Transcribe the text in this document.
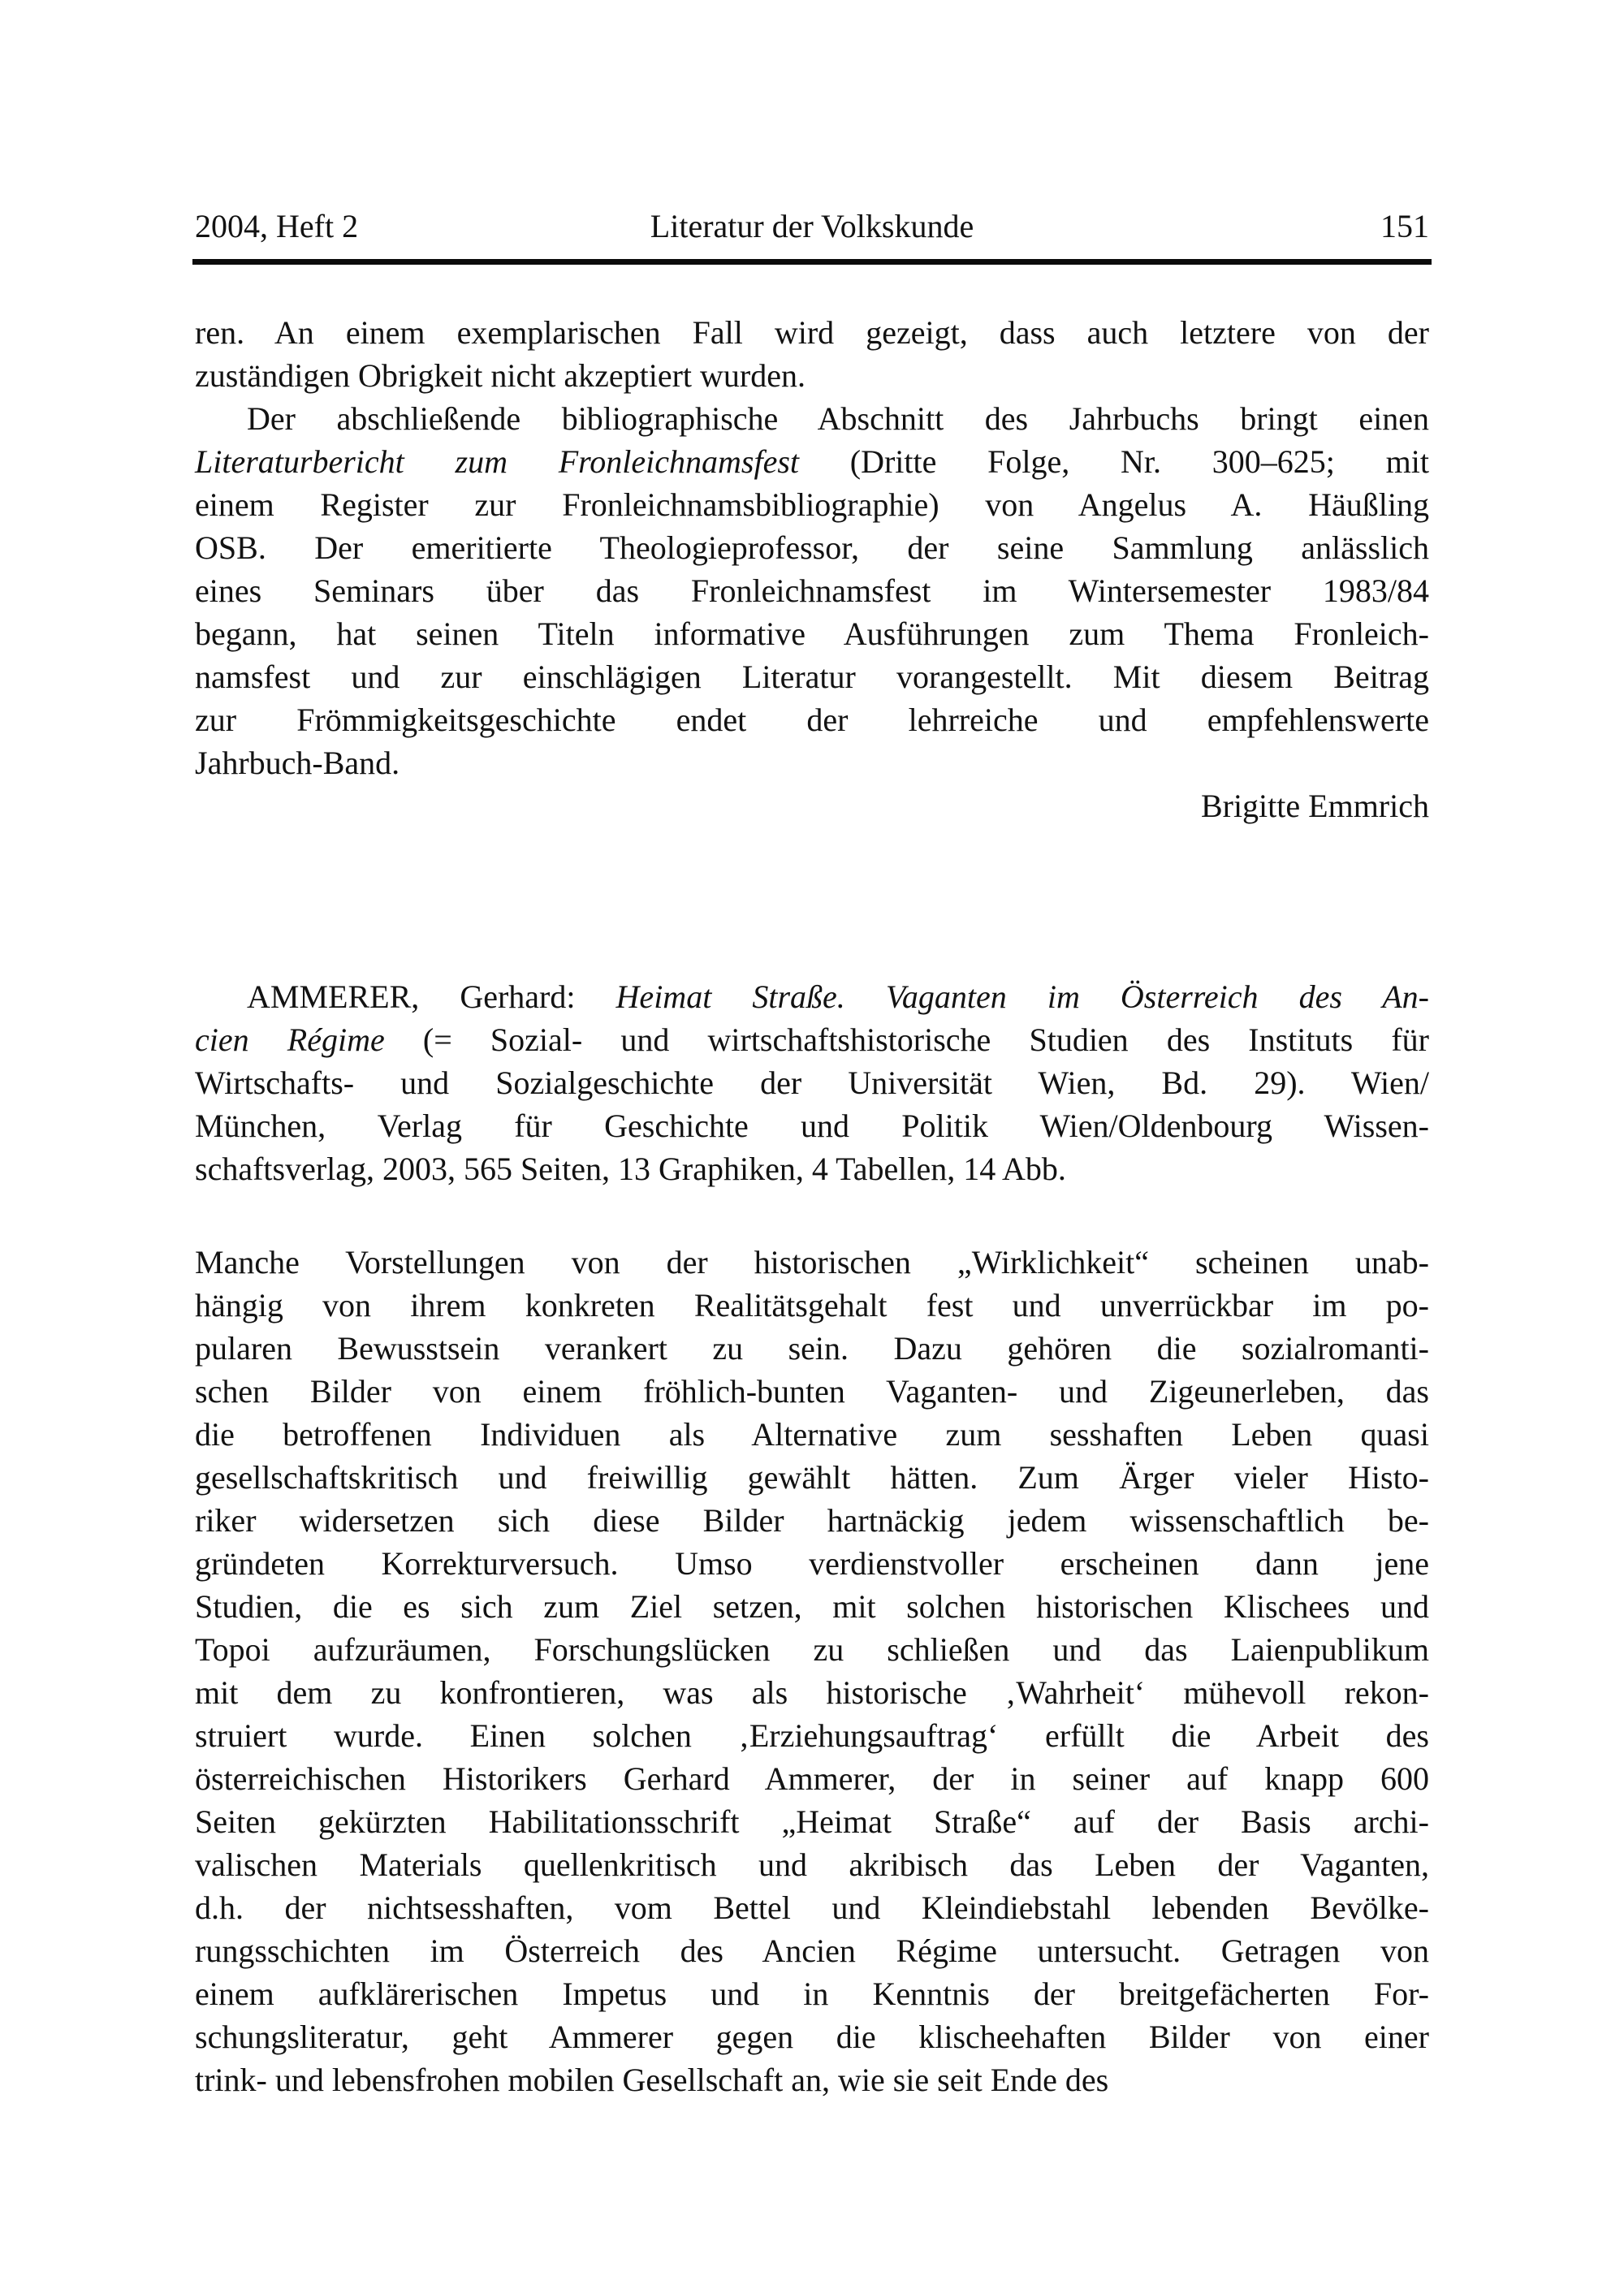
2004, Heft 2	Literatur der Volkskunde	151
ren. An einem exemplarischen Fall wird gezeigt, dass auch letztere von der
zuständigen Obrigkeit nicht akzeptiert wurden.
Der abschließende bibliographische Abschnitt des Jahrbuchs bringt einen
Literaturbericht zum Fronleichnamsfest (Dritte Folge, Nr. 300–625; mit
einem Register zur Fronleichnamsbibliographie) von Angelus A. Häußling
OSB. Der emeritierte Theologieprofessor, der seine Sammlung anlässlich
eines Seminars über das Fronleichnamsfest im Wintersemester 1983/84
begann, hat seinen Titeln informative Ausführungen zum Thema Fronleich-
namsfest und zur einschlägigen Literatur vorangestellt. Mit diesem Beitrag
zur Frömmigkeitsgeschichte endet der lehrreiche und empfehlenswerte
Jahrbuch-Band.
Brigitte Emmrich
AMMERER, Gerhard: Heimat Straße. Vaganten im Österreich des An-
cien Régime (= Sozial- und wirtschaftshistorische Studien des Instituts für
Wirtschafts- und Sozialgeschichte der Universität Wien, Bd. 29). Wien/
München, Verlag für Geschichte und Politik Wien/Oldenbourg Wissen-
schaftsverlag, 2003, 565 Seiten, 13 Graphiken, 4 Tabellen, 14 Abb.
Manche Vorstellungen von der historischen „Wirklichkeit“ scheinen unab-
hängig von ihrem konkreten Realitätsgehalt fest und unverrückbar im po-
pularen Bewusstsein verankert zu sein. Dazu gehören die sozialromanti-
schen Bilder von einem fröhlich-bunten Vaganten- und Zigeunerleben, das
die betroffenen Individuen als Alternative zum sesshaften Leben quasi
gesellschaftskritisch und freiwillig gewählt hätten. Zum Ärger vieler Histo-
riker widersetzen sich diese Bilder hartnäckig jedem wissenschaftlich be-
gründeten Korrekturversuch. Umso verdienstvoller erscheinen dann jene
Studien, die es sich zum Ziel setzen, mit solchen historischen Klischees und
Topoi aufzuräumen, Forschungslücken zu schließen und das Laienpublikum
mit dem zu konfrontieren, was als historische ‚Wahrheit‘ mühevoll rekon-
struiert wurde. Einen solchen ‚Erziehungsauftrag‘ erfüllt die Arbeit des
österreichischen Historikers Gerhard Ammerer, der in seiner auf knapp 600
Seiten gekürzten Habilitationsschrift „Heimat Straße“ auf der Basis archi-
valischen Materials quellenkritisch und akribisch das Leben der Vaganten,
d.h. der nichtsesshaften, vom Bettel und Kleindiebstahl lebenden Bevölke-
rungsschichten im Österreich des Ancien Régime untersucht. Getragen von
einem aufklärerischen Impetus und in Kenntnis der breitgefächerten For-
schungsliteratur, geht Ammerer gegen die klischeehaften Bilder von einer
trink- und lebensfrohen mobilen Gesellschaft an, wie sie seit Ende des
